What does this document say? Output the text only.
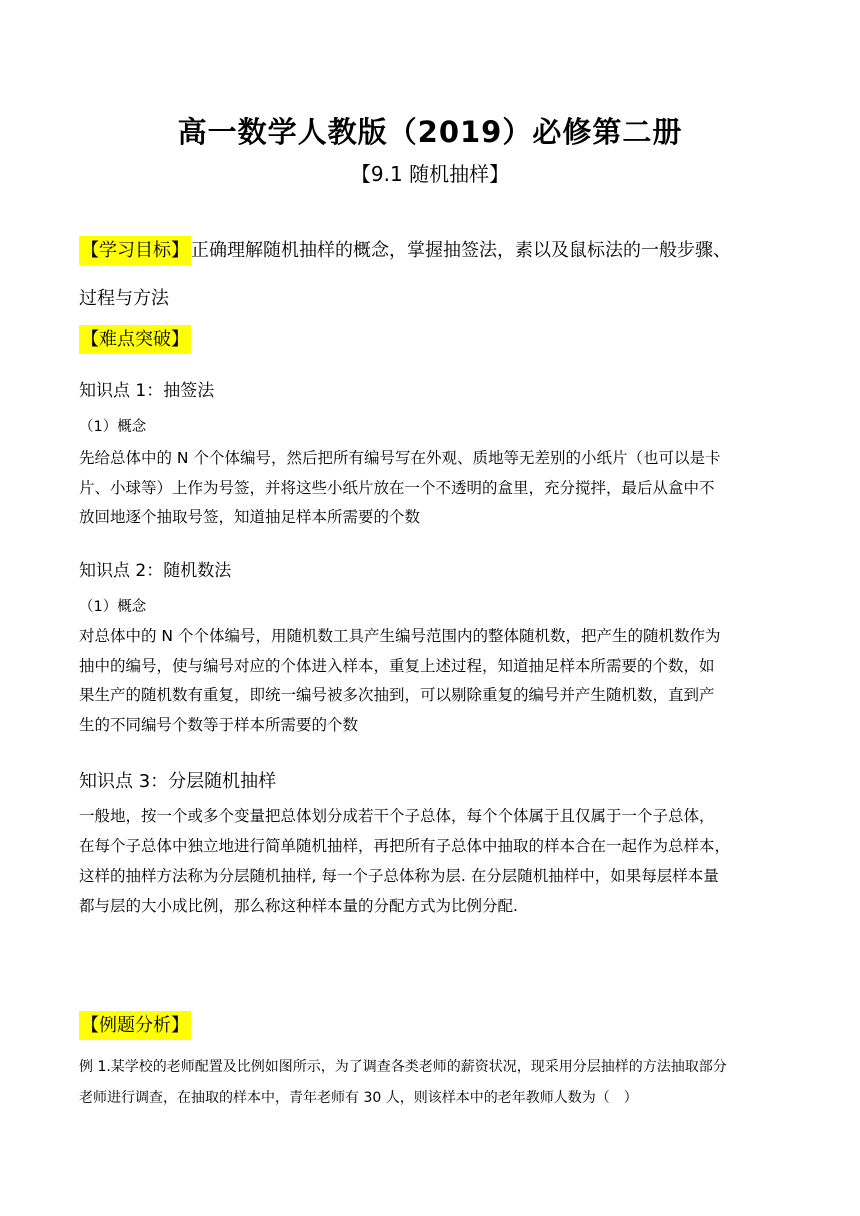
高一数学人教版（2019）必修第二册
【9.1 随机抽样】
【学习目标】 正确理解随机抽样的概念，掌握抽签法，素以及鼠标法的一般步骤、
过程与方法
【难点突破】
知识点 1：抽签法
（1）概念
先给总体中的 N 个个体编号，然后把所有编号写在外观、质地等无差别的小纸片（也可以是卡
片、小球等）上作为号签，并将这些小纸片放在一个不透明的盒里，充分搅拌，最后从盒中不
放回地逐个抽取号签，知道抽足样本所需要的个数
知识点 2：随机数法
（1）概念
对总体中的 N 个个体编号，用随机数工具产生编号范围内的整体随机数，把产生的随机数作为
抽中的编号，使与编号对应的个体进入样本，重复上述过程，知道抽足样本所需要的个数，如
果生产的随机数有重复，即统一编号被多次抽到，可以剔除重复的编号并产生随机数，直到产
生的不同编号个数等于样本所需要的个数
知识点 3：分层随机抽样
一般地，按一个或多个变量把总体划分成若干个子总体，每个个体属于且仅属于一个子总体，
在每个子总体中独立地进行简单随机抽样，再把所有子总体中抽取的样本合在一起作为总样本，
这样的抽样方法称为分层随机抽样, 每一个子总体称为层. 在分层随机抽样中，如果每层样本量
都与层的大小成比例，那么称这种样本量的分配方式为比例分配.
【例题分析】
例 1.某学校的老师配置及比例如图所示，为了调查各类老师的薪资状况，现采用分层抽样的方法抽取部分
老师进行调查，在抽取的样本中，青年老师有 30 人，则该样本中的老年教师人数为（　）
